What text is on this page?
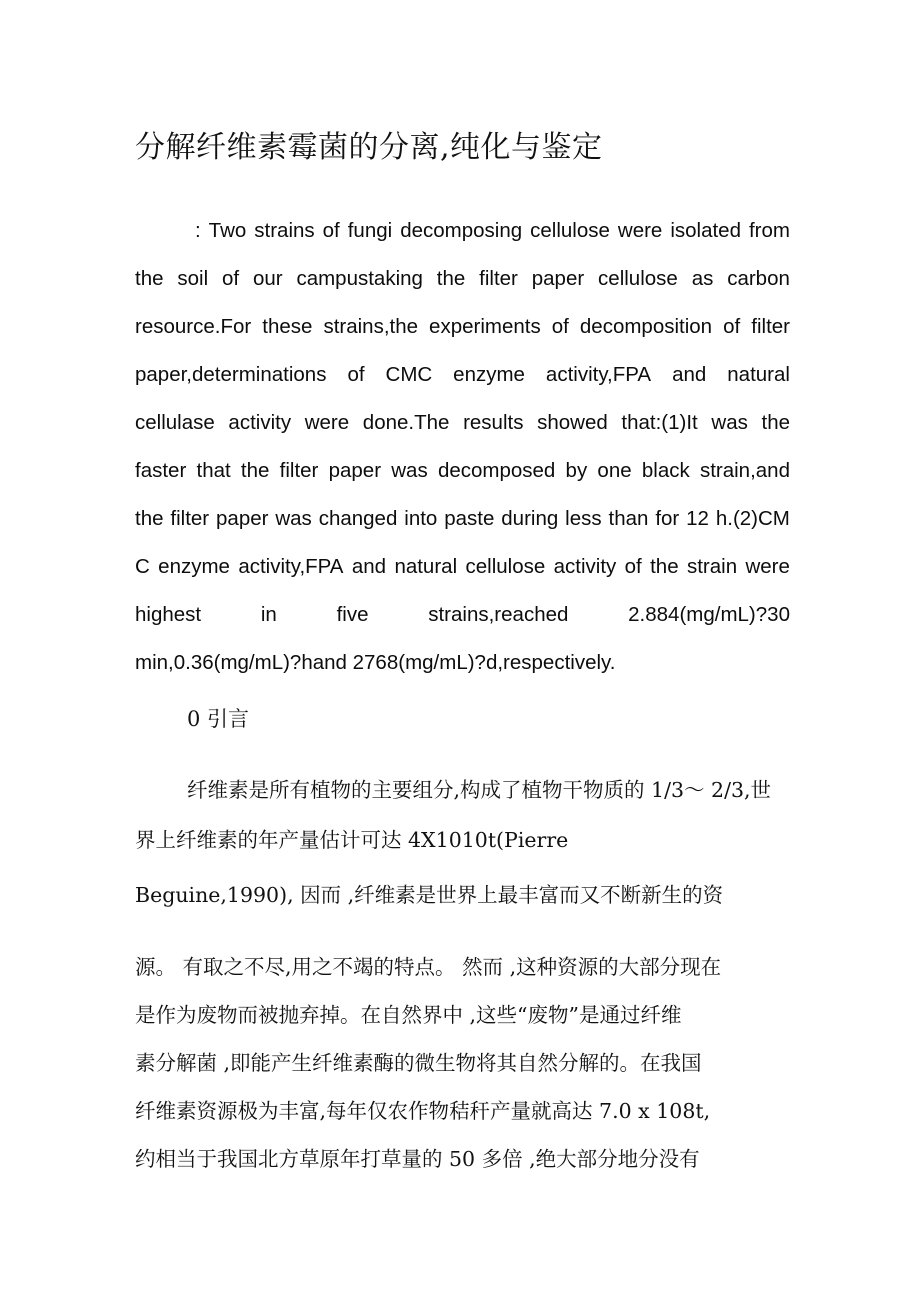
分解纤维素霉菌的分离,纯化与鉴定
: Two strains of fungi decomposing cellulose were isolated from
the soil of our campustaking the filter paper cellulose as carbon
resource.For these strains,the experiments of decomposition of filter
paper,determinations of CMC enzyme activity,FPA and natural
cellulase activity were done.The results showed that:(1)It was the
faster that the filter paper was decomposed by one black strain,and
the filter paper was changed into paste during less than for 12 h.(2)CM
C enzyme activity,FPA and natural cellulose activity of the strain were
highest	in	five	strains,reached	2.884(mg/mL)?30
min,0.36(mg/mL)?hand 2768(mg/mL)?d,respectively.
0 引言
纤维素是所有植物的主要组分,构成了植物干物质的 1/3〜 2/3,世
界上纤维素的年产量估计可达 4X1010t(Pierre
Beguine,1990), 因而 ,纤维素是世界上最丰富而又不断新生的资
源。 有取之不尽,用之不竭的特点。 然而 ,这种资源的大部分现在
是作为废物而被抛弃掉。在自然界中 ,这些“废物”是通过纤维
素分解菌 ,即能产生纤维素酶的微生物将其自然分解的。在我国
纤维素资源极为丰富,每年仅农作物秸秆产量就高达 7.0 x 108t,
约相当于我国北方草原年打草量的 50 多倍 ,绝大部分地分没有
